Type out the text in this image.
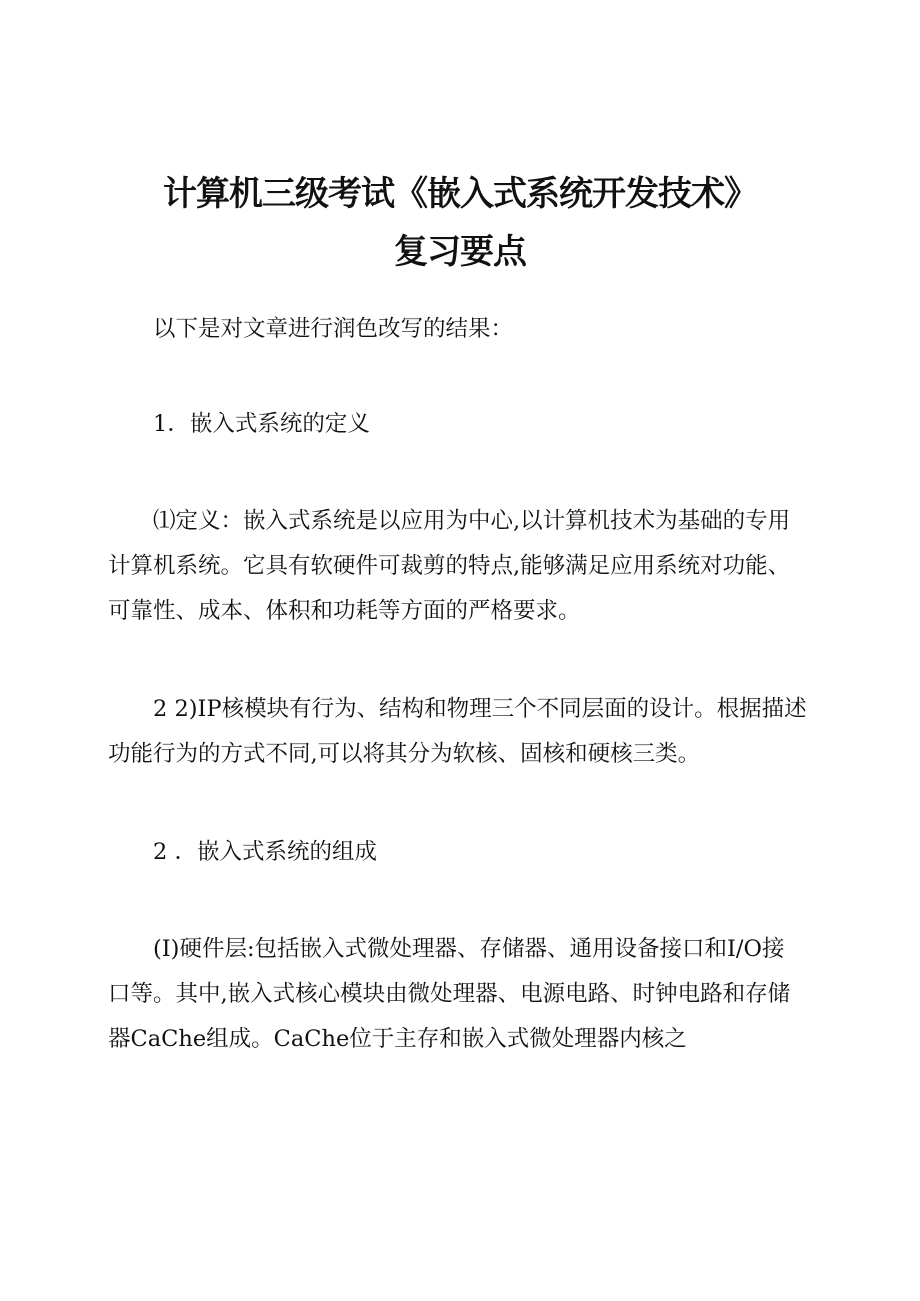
计算机三级考试《嵌入式系统开发技术》
复习要点

以下是对文章进行润色改写的结果：

1．嵌入式系统的定义

⑴定义：嵌入式系统是以应用为中心,以计算机技术为基础的专用

计算机系统。它具有软硬件可裁剪的特点,能够满足应用系统对功能、

可靠性、成本、体积和功耗等方面的严格要求。

2 2)IP核模块有行为、结构和物理三个不同层面的设计。根据描述

功能行为的方式不同,可以将其分为软核、固核和硬核三类。

2 ．嵌入式系统的组成

(I)硬件层:包括嵌入式微处理器、存储器、通用设备接口和I/O接

口等。其中,嵌入式核心模块由微处理器、电源电路、时钟电路和存储

器CaChe组成。CaChe位于主存和嵌入式微处理器内核之
